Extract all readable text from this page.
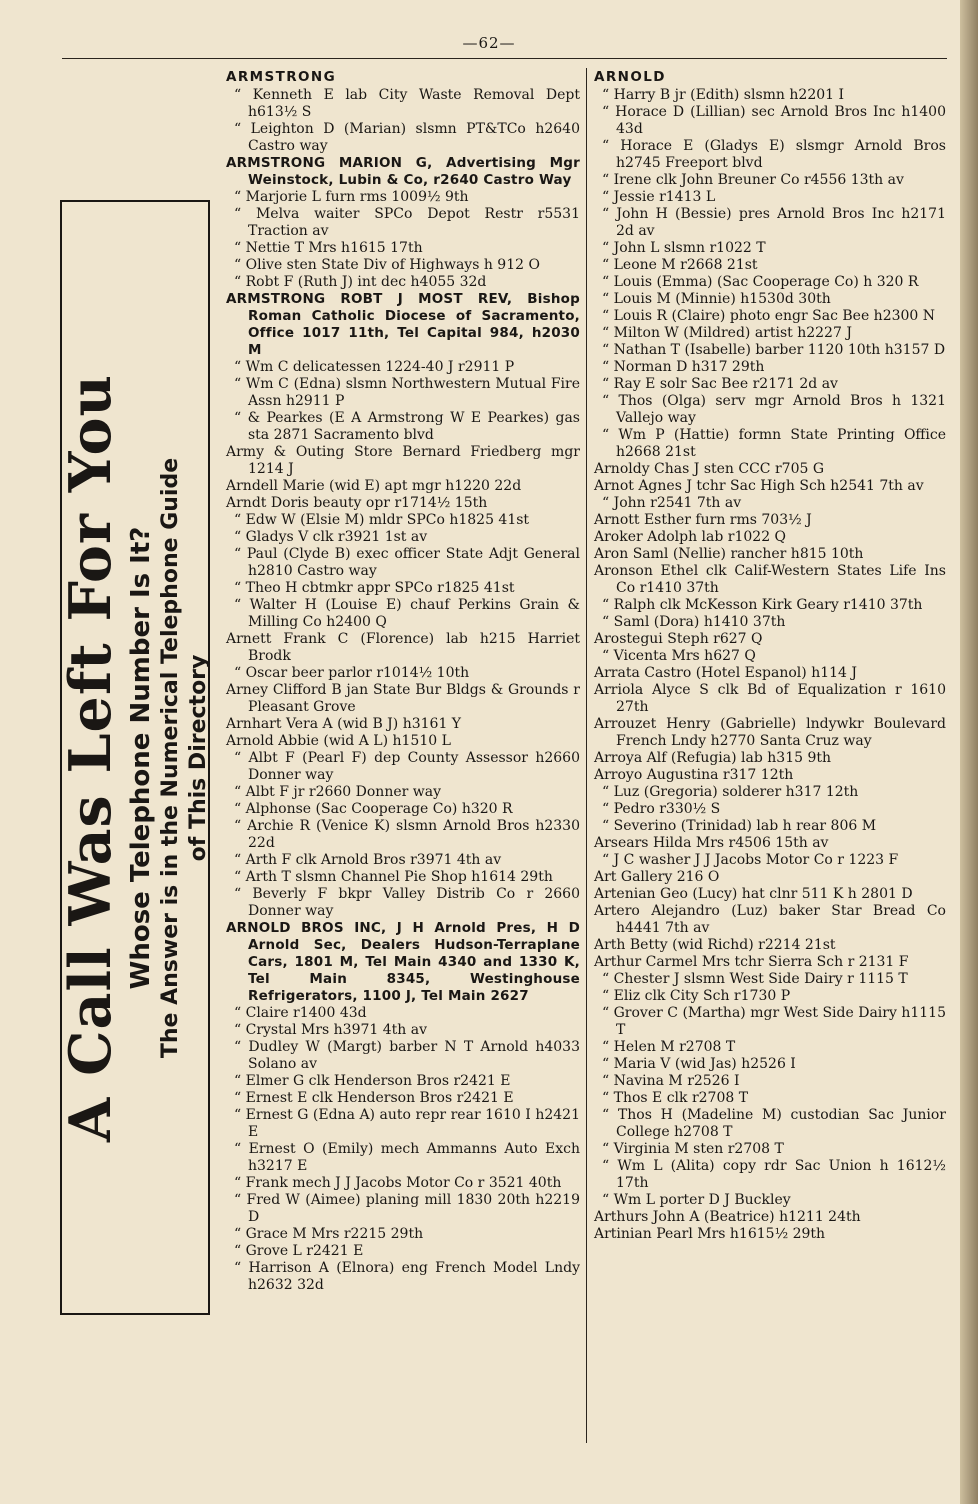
—62—
A Call Was Left For You Whose Telephone Number Is It? The Answer is in the Numerical Telephone Guide of This Directory
ARMSTRONG
“ Kenneth E lab City Waste Removal Dept h613½ S
“ Leighton D (Marian) slsmn PT&TCo h2640 Castro way
ARMSTRONG MARION G, Advertising Mgr Weinstock, Lubin & Co, r2640 Castro Way
“ Marjorie L furn rms 1009½ 9th
“ Melva waiter SPCo Depot Restr r5531 Traction av
“ Nettie T Mrs h1615 17th
“ Olive sten State Div of Highways h 912 O
“ Robt F (Ruth J) int dec h4055 32d
ARMSTRONG ROBT J MOST REV, Bishop Roman Catholic Diocese of Sacramento, Office 1017 11th, Tel Capital 984, h2030 M
“ Wm C delicatessen 1224-40 J r2911 P
“ Wm C (Edna) slsmn Northwestern Mutual Fire Assn h2911 P
“ & Pearkes (E A Armstrong W E Pearkes) gas sta 2871 Sacramento blvd
Army & Outing Store Bernard Friedberg mgr 1214 J
Arndell Marie (wid E) apt mgr h1220 22d
Arndt Doris beauty opr r1714½ 15th
“ Edw W (Elsie M) mldr SPCo h1825 41st
“ Gladys V clk r3921 1st av
“ Paul (Clyde B) exec officer State Adjt General h2810 Castro way
“ Theo H cbtmkr appr SPCo r1825 41st
“ Walter H (Louise E) chauf Perkins Grain & Milling Co h2400 Q
Arnett Frank C (Florence) lab h215 Harriet Brodk
“ Oscar beer parlor r1014½ 10th
Arney Clifford B jan State Bur Bldgs & Grounds r Pleasant Grove
Arnhart Vera A (wid B J) h3161 Y
Arnold Abbie (wid A L) h1510 L
“ Albt F (Pearl F) dep County Assessor h2660 Donner way
“ Albt F jr r2660 Donner way
“ Alphonse (Sac Cooperage Co) h320 R
“ Archie R (Venice K) slsmn Arnold Bros h2330 22d
“ Arth F clk Arnold Bros r3971 4th av
“ Arth T slsmn Channel Pie Shop h1614 29th
“ Beverly F bkpr Valley Distrib Co r 2660 Donner way
ARNOLD BROS INC, J H Arnold Pres, H D Arnold Sec, Dealers Hudson-Terraplane Cars, 1801 M, Tel Main 4340 and 1330 K, Tel Main 8345, Westinghouse Refrigerators, 1100 J, Tel Main 2627
“ Claire r1400 43d
“ Crystal Mrs h3971 4th av
“ Dudley W (Margt) barber N T Arnold h4033 Solano av
“ Elmer G clk Henderson Bros r2421 E
“ Ernest E clk Henderson Bros r2421 E
“ Ernest G (Edna A) auto repr rear 1610 I h2421 E
“ Ernest O (Emily) mech Ammanns Auto Exch h3217 E
“ Frank mech J J Jacobs Motor Co r 3521 40th
“ Fred W (Aimee) planing mill 1830 20th h2219 D
“ Grace M Mrs r2215 29th
“ Grove L r2421 E
“ Harrison A (Elnora) eng French Model Lndy h2632 32d
ARNOLD
“ Harry B jr (Edith) slsmn h2201 I
“ Horace D (Lillian) sec Arnold Bros Inc h1400 43d
“ Horace E (Gladys E) slsmgr Arnold Bros h2745 Freeport blvd
“ Irene clk John Breuner Co r4556 13th av
“ Jessie r1413 L
“ John H (Bessie) pres Arnold Bros Inc h2171 2d av
“ John L slsmn r1022 T
“ Leone M r2668 21st
“ Louis (Emma) (Sac Cooperage Co) h 320 R
“ Louis M (Minnie) h1530d 30th
“ Louis R (Claire) photo engr Sac Bee h2300 N
“ Milton W (Mildred) artist h2227 J
“ Nathan T (Isabelle) barber 1120 10th h3157 D
“ Norman D h317 29th
“ Ray E solr Sac Bee r2171 2d av
“ Thos (Olga) serv mgr Arnold Bros h 1321 Vallejo way
“ Wm P (Hattie) formn State Printing Office h2668 21st
Arnoldy Chas J sten CCC r705 G
Arnot Agnes J tchr Sac High Sch h2541 7th av
“ John r2541 7th av
Arnott Esther furn rms 703½ J
Aroker Adolph lab r1022 Q
Aron Saml (Nellie) rancher h815 10th
Aronson Ethel clk Calif-Western States Life Ins Co r1410 37th
“ Ralph clk McKesson Kirk Geary r1410 37th
“ Saml (Dora) h1410 37th
Arostegui Steph r627 Q
“ Vicenta Mrs h627 Q
Arrata Castro (Hotel Espanol) h114 J
Arriola Alyce S clk Bd of Equalization r 1610 27th
Arrouzet Henry (Gabrielle) lndywkr Boulevard French Lndy h2770 Santa Cruz way
Arroya Alf (Refugia) lab h315 9th
Arroyo Augustina r317 12th
“ Luz (Gregoria) solderer h317 12th
“ Pedro r330½ S
“ Severino (Trinidad) lab h rear 806 M
Arsears Hilda Mrs r4506 15th av
“ J C washer J J Jacobs Motor Co r 1223 F
Art Gallery 216 O
Artenian Geo (Lucy) hat clnr 511 K h 2801 D
Artero Alejandro (Luz) baker Star Bread Co h4441 7th av
Arth Betty (wid Richd) r2214 21st
Arthur Carmel Mrs tchr Sierra Sch r 2131 F
“ Chester J slsmn West Side Dairy r 1115 T
“ Eliz clk City Sch r1730 P
“ Grover C (Martha) mgr West Side Dairy h1115 T
“ Helen M r2708 T
“ Maria V (wid Jas) h2526 I
“ Navina M r2526 I
“ Thos E clk r2708 T
“ Thos H (Madeline M) custodian Sac Junior College h2708 T
“ Virginia M sten r2708 T
“ Wm L (Alita) copy rdr Sac Union h 1612½ 17th
“ Wm L porter D J Buckley
Arthurs John A (Beatrice) h1211 24th
Artinian Pearl Mrs h1615½ 29th
